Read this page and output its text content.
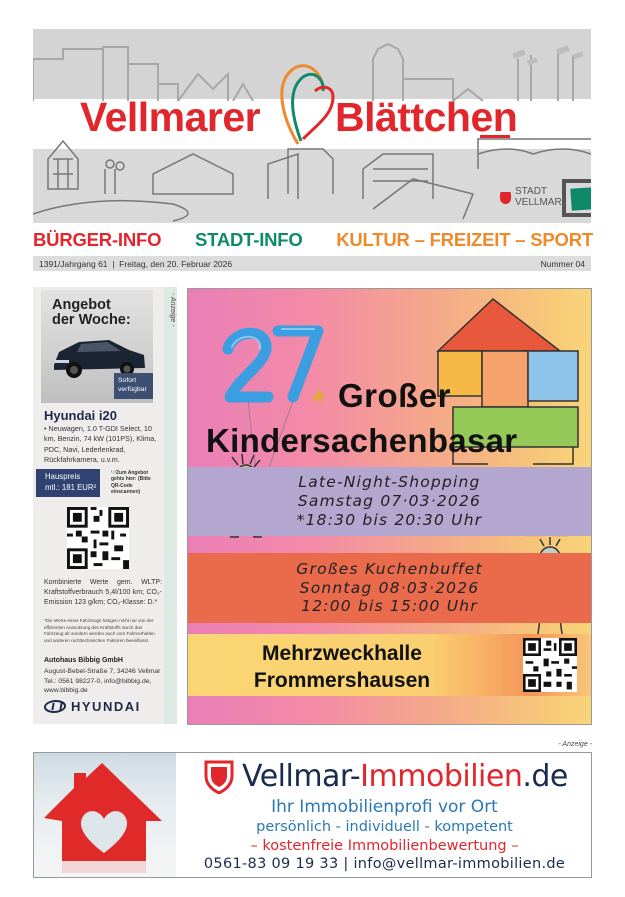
Vellmarer Blättchen
STADT
VELLMAR
BÜRGER-INFO STADT-INFO KULTUR – FREIZEIT – SPORT
1391/Jahrgang 61  |  Freitag, den 20. Februar 2026	Nummer 04
- Anzeige -
Angebot
der Woche:
Sofort
verfügbar
Hyundai i20
• Neuwagen, 1.0 T-GDI Select, 10 km, Benzin, 74 kW (101PS), Klima, PDC, Navi, Lederlenkrad, Rückfahrkamera, u.v.m.
Hauspreis
mtl.: 181 EUR²
¹˒²Zum Angebot gehts hier: (Bitte QR-Code einscannen)
Kombinierte Werte gem. WLTP: Kraftstoffverbrauch 5,4l/100 km; CO₂-Emission 123 g/km; CO₂-Klasse: D.*
*Die Werte eines Fahrzeugs hängen nicht nur von der effizienten Ausnutzung des Kraftstoffs durch das Fahrzeug ab sondern werden auch vom Fahrverhalten und anderen nichttechnischen Faktoren beeinflusst.
Autohaus Bibbig GmbH
August-Bebel-Straße 7, 34246 Vellmar
Tel.: 0561 98227-0, info@bibbig.de,
www.bibbig.de
HYUNDAI
Großer
Kindersachenbasar
Late-Night-Shopping
Samstag 07·03·2026
*18:30 bis 20:30 Uhr
Großes Kuchenbuffet
Sonntag 08·03·2026
12:00 bis 15:00 Uhr
Mehrzweckhalle
Frommershausen
- Anzeige -
Vellmar-Immobilien.de
Ihr Immobilienprofi vor Ort
persönlich - individuell - kompetent
– kostenfreie Immobilienbewertung –
0561-83 09 19 33 | info@vellmar-immobilien.de
